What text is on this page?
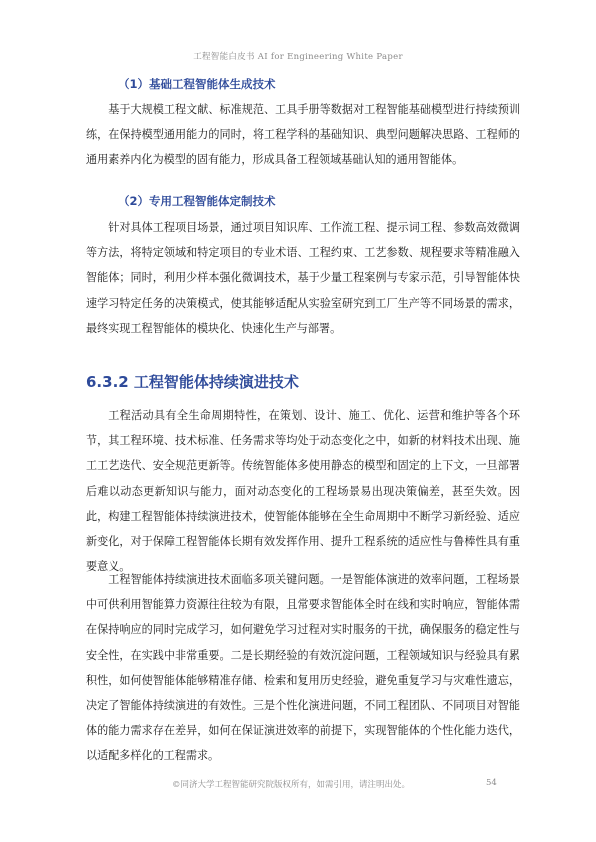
工程智能白皮书 AI for Engineering White Paper
（1）基础工程智能体生成技术

基于大规模工程文献、标准规范、工具手册等数据对工程智能基础模型进行持续预训练，在保持模型通用能力的同时，将工程学科的基础知识、典型问题解决思路、工程师的通用素养内化为模型的固有能力，形成具备工程领域基础认知的通用智能体。

（2）专用工程智能体定制技术

针对具体工程项目场景，通过项目知识库、工作流工程、提示词工程、参数高效微调等方法，将特定领域和特定项目的专业术语、工程约束、工艺参数、规程要求等精准融入智能体；同时，利用少样本强化微调技术，基于少量工程案例与专家示范，引导智能体快速学习特定任务的决策模式，使其能够适配从实验室研究到工厂生产等不同场景的需求，最终实现工程智能体的模块化、快速化生产与部署。

6.3.2 工程智能体持续演进技术

工程活动具有全生命周期特性，在策划、设计、施工、优化、运营和维护等各个环节，其工程环境、技术标准、任务需求等均处于动态变化之中，如新的材料技术出现、施工工艺迭代、安全规范更新等。传统智能体多使用静态的模型和固定的上下文，一旦部署后难以动态更新知识与能力，面对动态变化的工程场景易出现决策偏差，甚至失效。因此，构建工程智能体持续演进技术，使智能体能够在全生命周期中不断学习新经验、适应新变化，对于保障工程智能体长期有效发挥作用、提升工程系统的适应性与鲁棒性具有重要意义。

工程智能体持续演进技术面临多项关键问题。一是智能体演进的效率问题，工程场景中可供利用智能算力资源往往较为有限，且常要求智能体全时在线和实时响应，智能体需在保持响应的同时完成学习，如何避免学习过程对实时服务的干扰，确保服务的稳定性与安全性，在实践中非常重要。二是长期经验的有效沉淀问题，工程领域知识与经验具有累积性，如何使智能体能够精准存储、检索和复用历史经验，避免重复学习与灾难性遗忘，决定了智能体持续演进的有效性。三是个性化演进问题，不同工程团队、不同项目对智能体的能力需求存在差异，如何在保证演进效率的前提下，实现智能体的个性化能力迭代，以适配多样化的工程需求。

©同济大学工程智能研究院版权所有，如需引用，请注明出处。	54
